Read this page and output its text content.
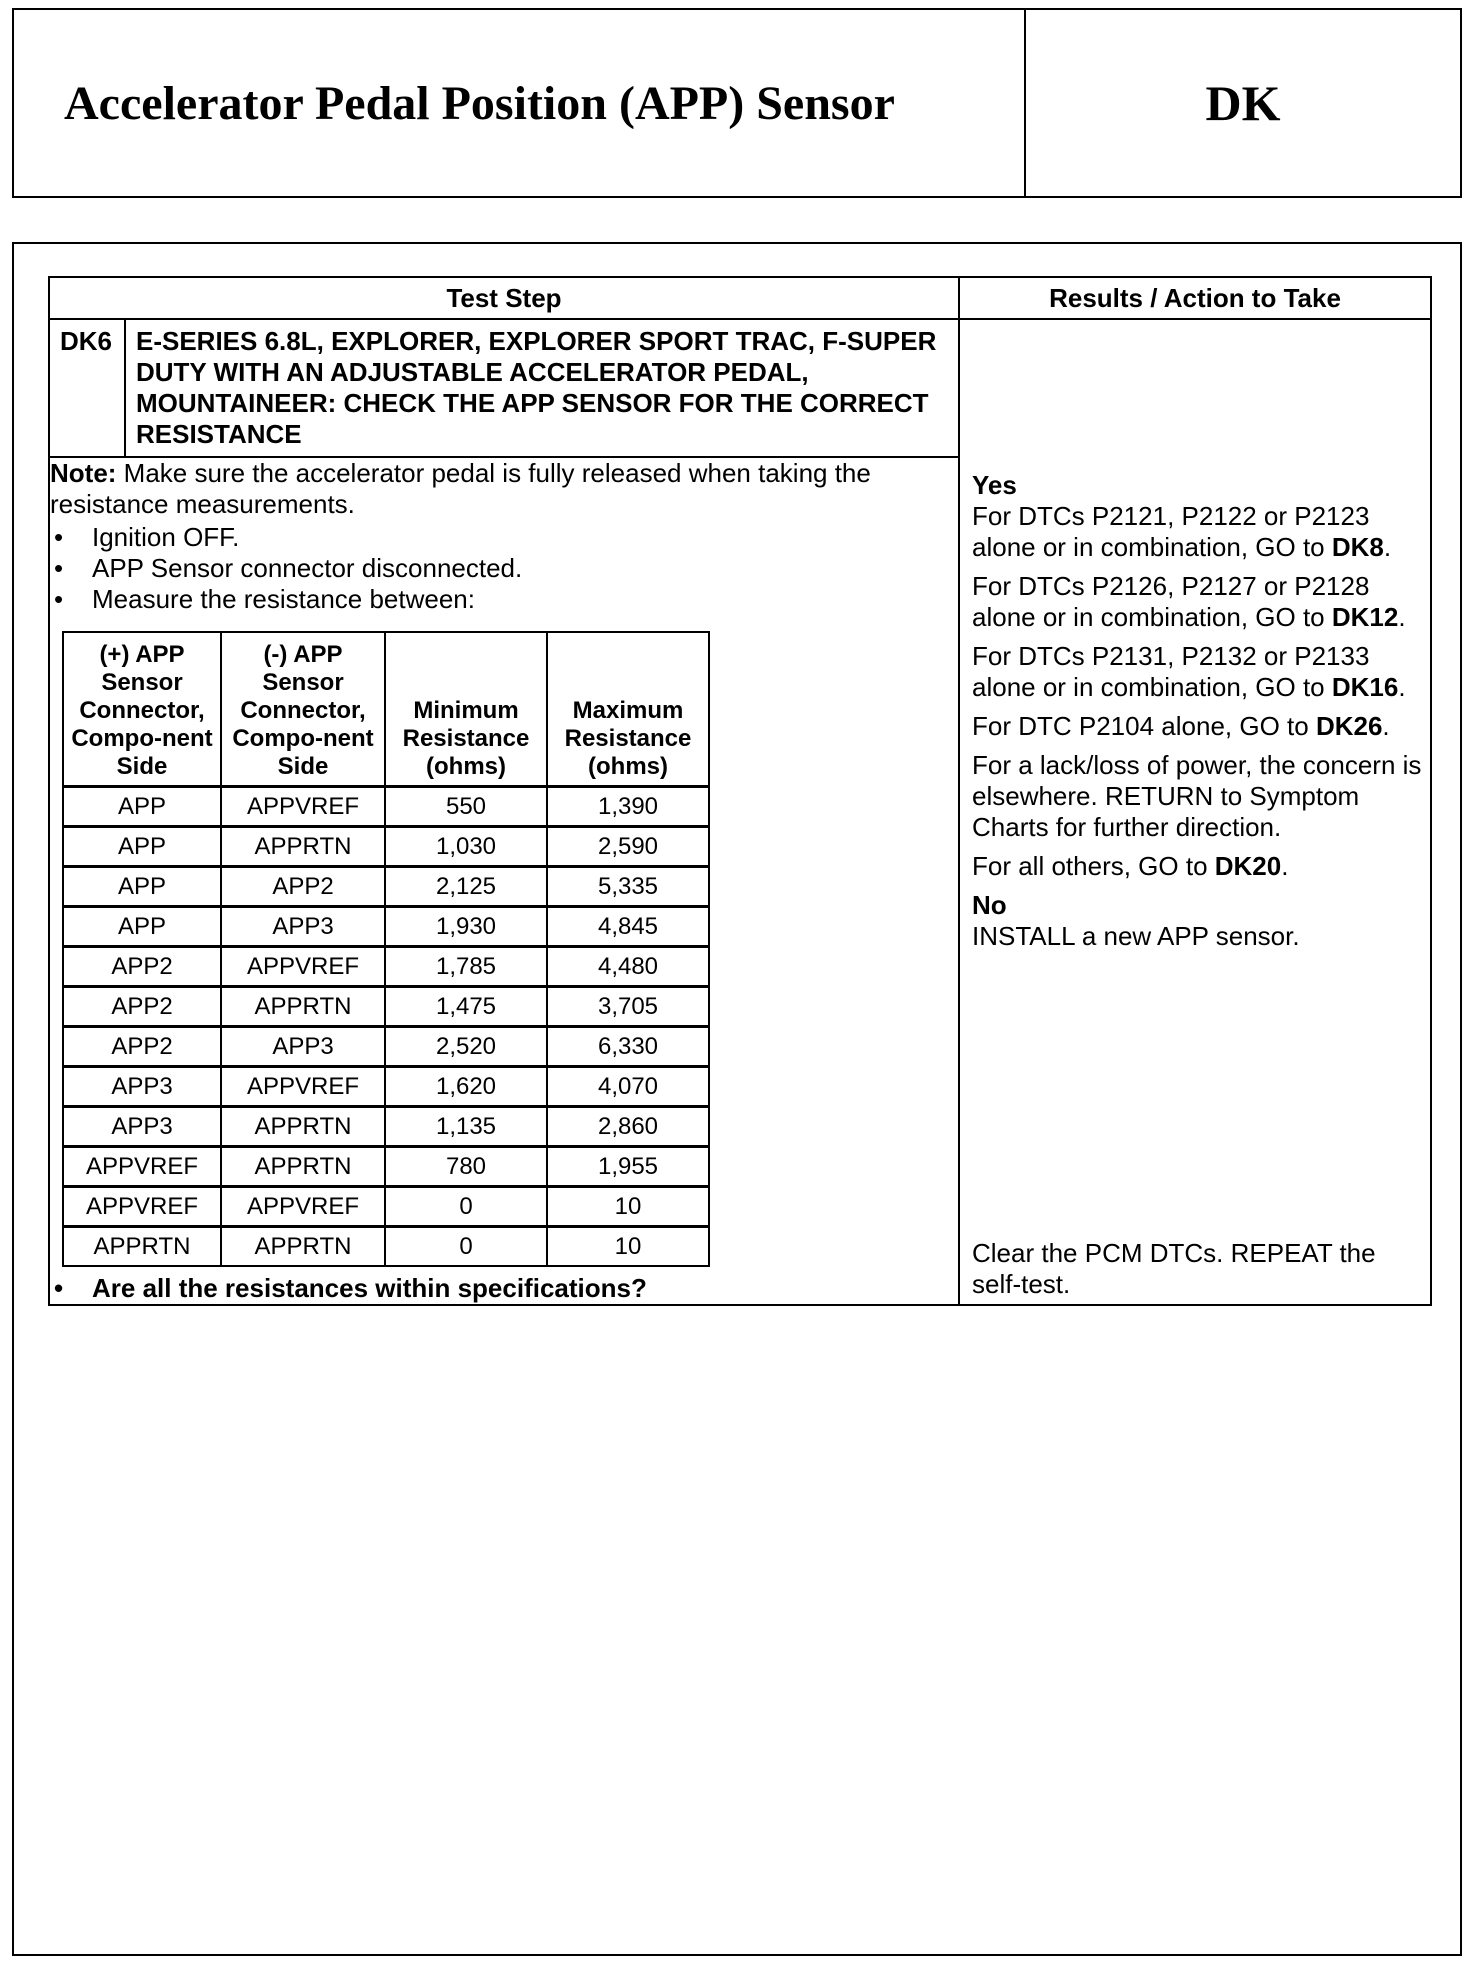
Accelerator Pedal Position (APP) Sensor	DK
Test Step	Results / Action to Take

DK6 E-SERIES 6.8L, EXPLORER, EXPLORER SPORT TRAC, F-SUPER DUTY WITH AN ADJUSTABLE ACCELERATOR PEDAL, MOUNTAINEER: CHECK THE APP SENSOR FOR THE CORRECT RESISTANCE

Yes

For DTCs P2121, P2122 or P2123 alone or in combination, GO to DK8.

For DTCs P2126, P2127 or P2128 alone or in combination, GO to DK12.

For DTCs P2131, P2132 or P2133 alone or in combination, GO to DK16.

For DTC P2104 alone, GO to DK26.

For a lack/loss of power, the concern is elsewhere. RETURN to Symptom Charts for further direction.

For all others, GO to DK20.

No

INSTALL a new APP sensor.

Clear the PCM DTCs. REPEAT the self-test.

Note: Make sure the accelerator pedal is fully released when taking the resistance measurements.
• Ignition OFF.
• APP Sensor connector disconnected.
• Measure the resistance between:
(+) APP Sensor Connector, Compo-nent Side	(-) APP Sensor Connector, Compo-nent Side	Minimum Resistance (ohms)	Maximum Resistance (ohms)
APP	APPVREF	550	1,390
APP	APPRTN	1,030	2,590
APP	APP2	2,125	5,335
APP	APP3	1,930	4,845
APP2	APPVREF	1,785	4,480
APP2	APPRTN	1,475	3,705
APP2	APP3	2,520	6,330
APP3	APPVREF	1,620	4,070
APP3	APPRTN	1,135	2,860
APPVREF	APPRTN	780	1,955
APPVREF	APPVREF	0	10
APPRTN	APPRTN	0	10
• Are all the resistances within specifications?
